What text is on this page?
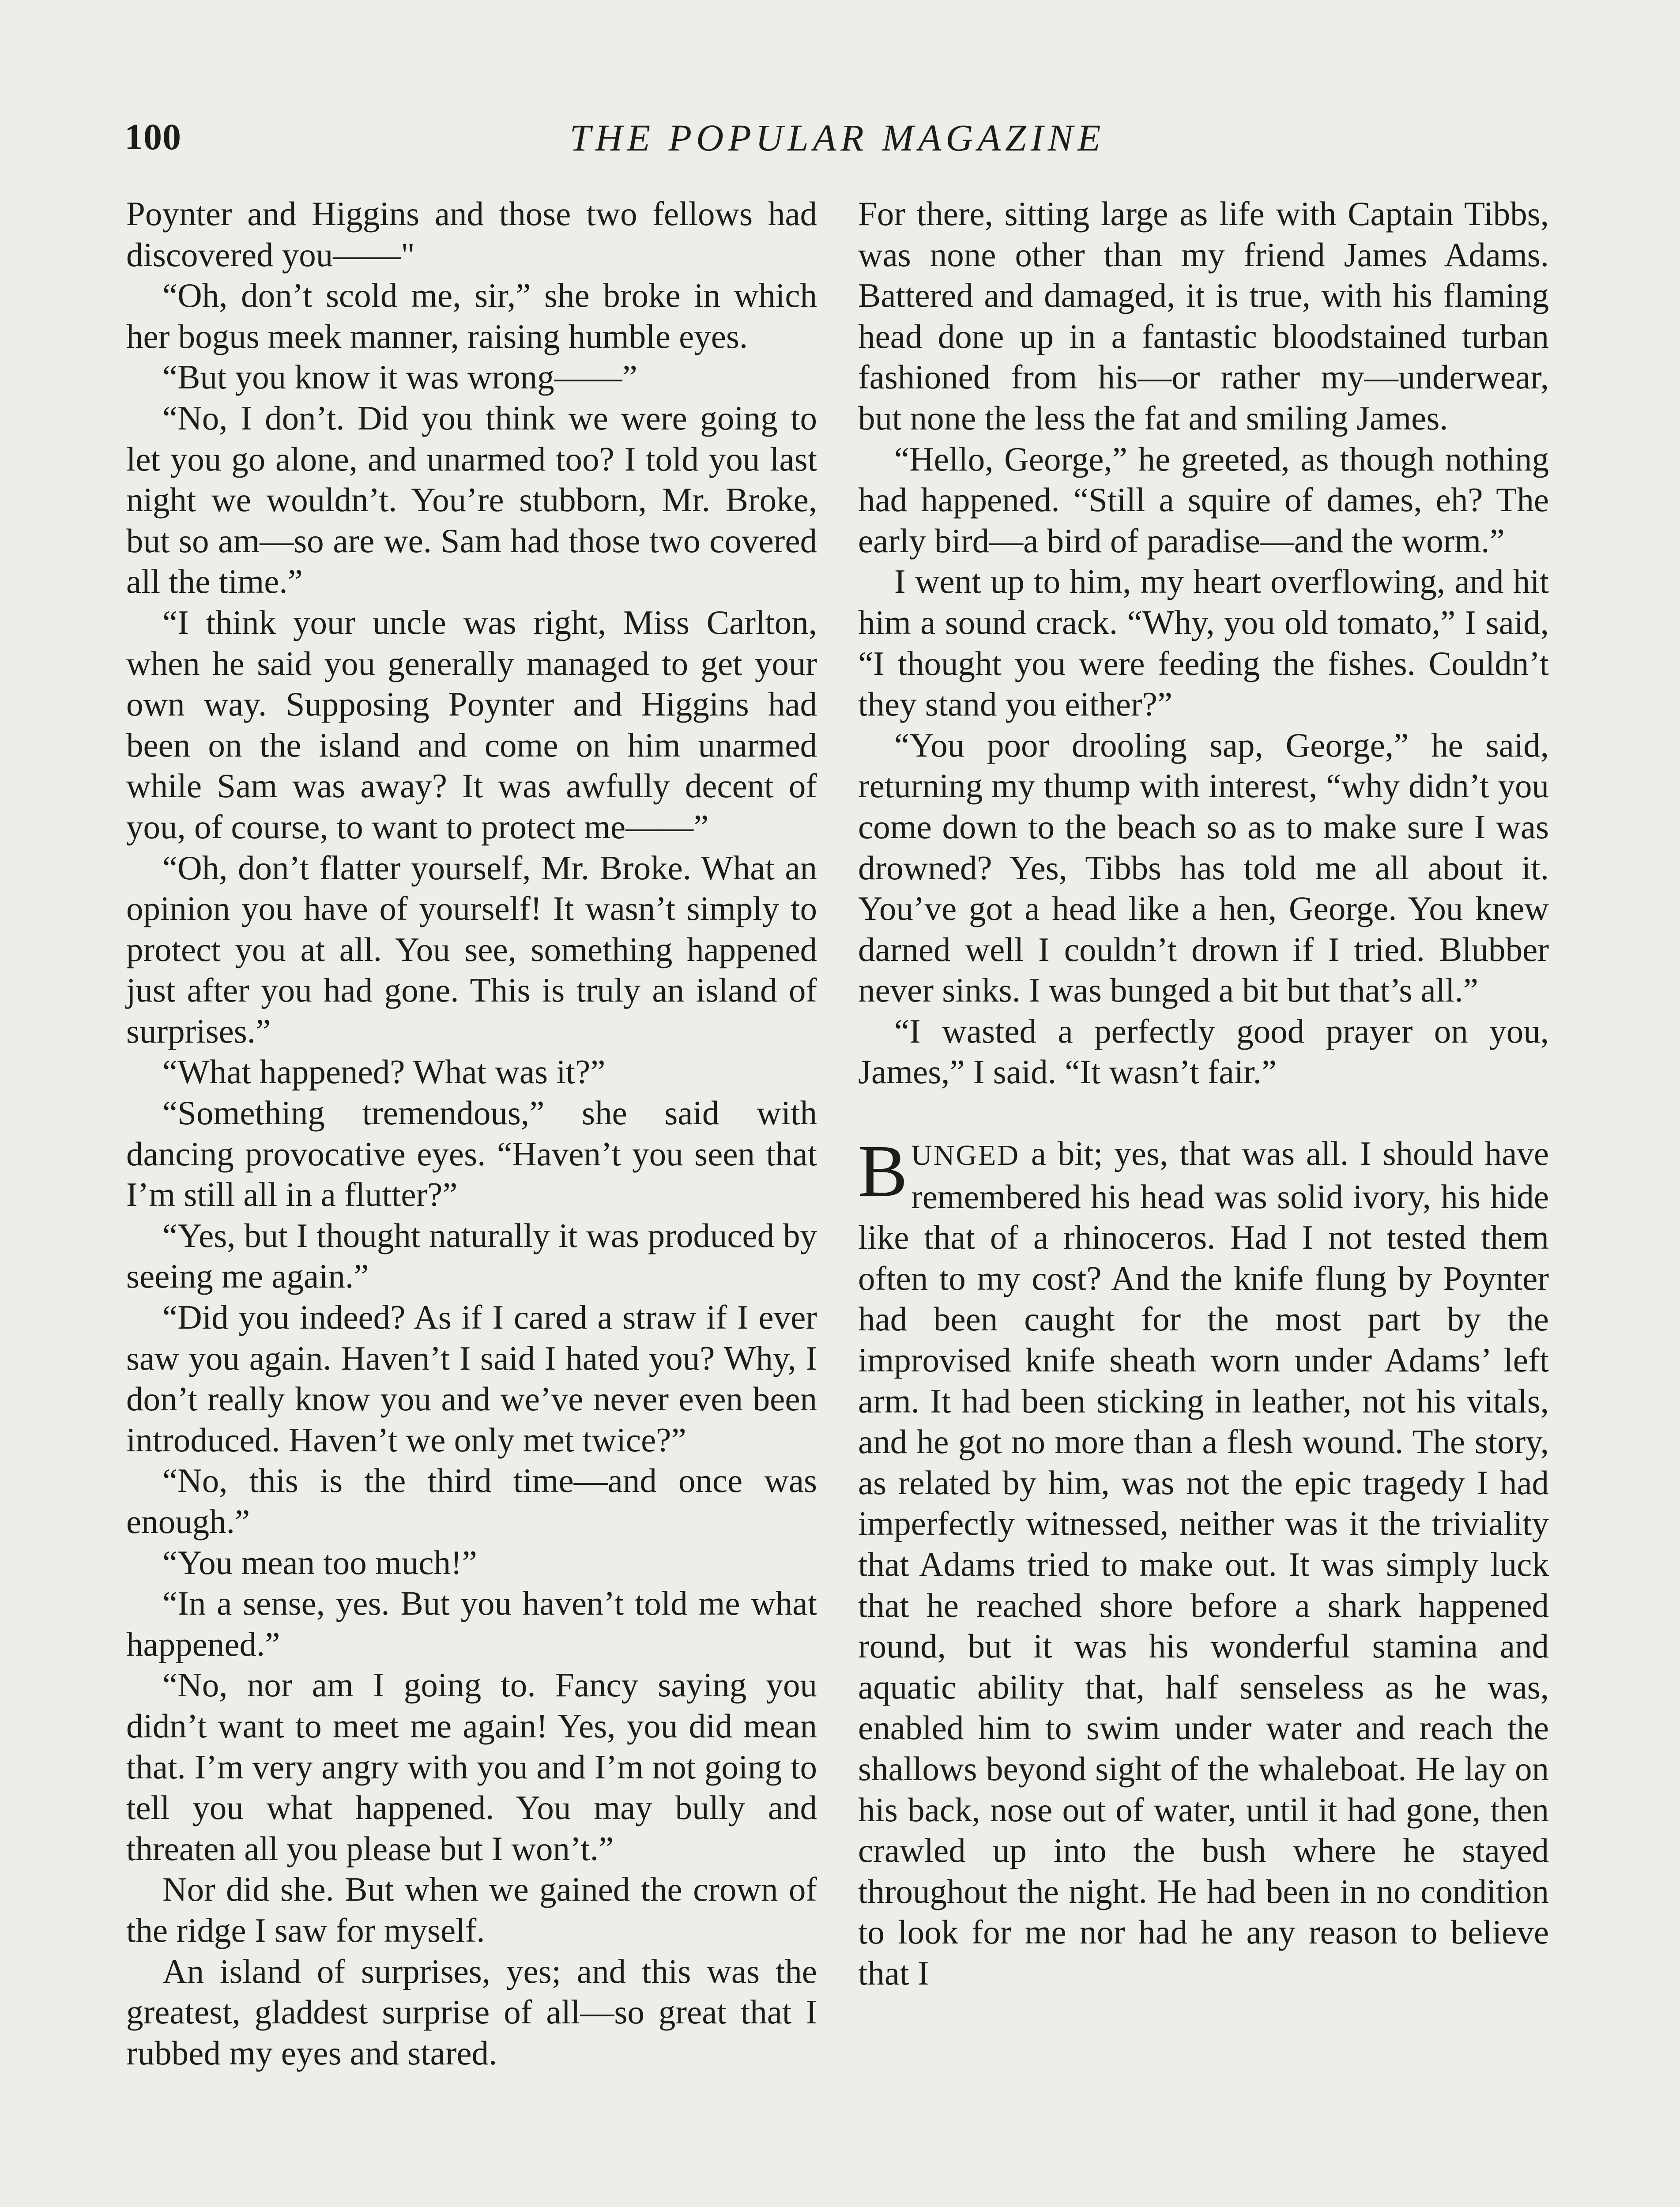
100	THE POPULAR MAGAZINE

Poynter and Higgins and those two fellows had discovered you——"

“Oh, don’t scold me, sir,” she broke in which her bogus meek manner, raising humble eyes.

“But you know it was wrong——”

“No, I don’t. Did you think we were going to let you go alone, and unarmed too? I told you last night we wouldn’t. You’re stubborn, Mr. Broke, but so am—so are we. Sam had those two covered all the time.”

“I think your uncle was right, Miss Carlton, when he said you generally managed to get your own way. Supposing Poynter and Higgins had been on the island and come on him unarmed while Sam was away? It was awfully decent of you, of course, to want to protect me——”

“Oh, don’t flatter yourself, Mr. Broke. What an opinion you have of yourself! It wasn’t simply to protect you at all. You see, something happened just after you had gone. This is truly an island of surprises.”

“What happened? What was it?”

“Something tremendous,” she said with dancing provocative eyes. “Haven’t you seen that I’m still all in a flutter?”

“Yes, but I thought naturally it was produced by seeing me again.”

“Did you indeed? As if I cared a straw if I ever saw you again. Haven’t I said I hated you? Why, I don’t really know you and we’ve never even been introduced. Haven’t we only met twice?”

“No, this is the third time—and once was enough.”

“You mean too much!”

“In a sense, yes. But you haven’t told me what happened.”

“No, nor am I going to. Fancy saying you didn’t want to meet me again! Yes, you did mean that. I’m very angry with you and I’m not going to tell you what happened. You may bully and threaten all you please but I won’t.”

Nor did she. But when we gained the crown of the ridge I saw for myself.

An island of surprises, yes; and this was the greatest, gladdest surprise of all—so great that I rubbed my eyes and stared.

For there, sitting large as life with Captain Tibbs, was none other than my friend James Adams. Battered and damaged, it is true, with his flaming head done up in a fantastic bloodstained turban fashioned from his—or rather my—underwear, but none the less the fat and smiling James.

“Hello, George,” he greeted, as though nothing had happened. “Still a squire of dames, eh? The early bird—a bird of paradise—and the worm.”

I went up to him, my heart overflowing, and hit him a sound crack. “Why, you old tomato,” I said, “I thought you were feeding the fishes. Couldn’t they stand you either?”

“You poor drooling sap, George,” he said, returning my thump with interest, “why didn’t you come down to the beach so as to make sure I was drowned? Yes, Tibbs has told me all about it. You’ve got a head like a hen, George. You knew darned well I couldn’t drown if I tried. Blubber never sinks. I was bunged a bit but that’s all.”

“I wasted a perfectly good prayer on you, James,” I said. “It wasn’t fair.”

BUNGED a bit; yes, that was all. I should have remembered his head was solid ivory, his hide like that of a rhinoceros. Had I not tested them often to my cost? And the knife flung by Poynter had been caught for the most part by the improvised knife sheath worn under Adams’ left arm. It had been sticking in leather, not his vitals, and he got no more than a flesh wound. The story, as related by him, was not the epic tragedy I had imperfectly witnessed, neither was it the triviality that Adams tried to make out. It was simply luck that he reached shore before a shark happened round, but it was his wonderful stamina and aquatic ability that, half senseless as he was, enabled him to swim under water and reach the shallows beyond sight of the whaleboat. He lay on his back, nose out of water, until it had gone, then crawled up into the bush where he stayed throughout the night. He had been in no condition to look for me nor had he any reason to believe that I
